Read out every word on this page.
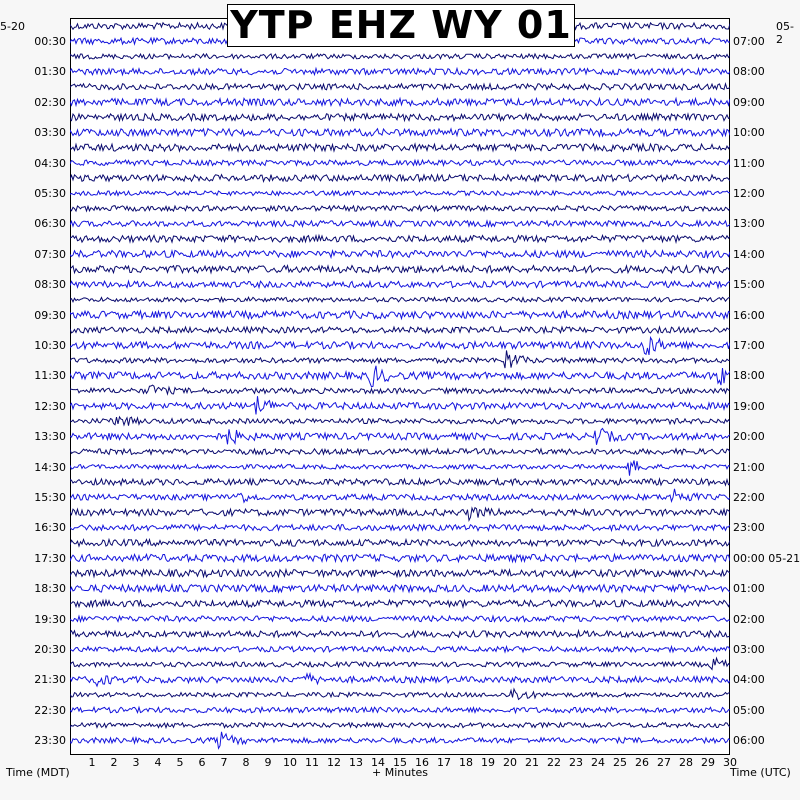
YTP EHZ WY 01
5-20	05-2
00:30
01:30
02:30
03:30
04:30
05:30
06:30
07:30
08:30
09:30
10:30
11:30
12:30
13:30
14:30
15:30
16:30
17:30
18:30
19:30
20:30
21:30
22:30
23:30
07:00
08:00
09:00
10:00
11:00
12:00
13:00
14:00
15:00
16:00
17:00
18:00
19:00
20:00
21:00
22:00
23:00
00:00 05-21
01:00
02:00
03:00
04:00
05:00
06:00
1	2	3	4	5	6	7	8	9	10 11 12 13 14 15 16 17 18 19 20 21 22 23 24 25 26 27 28 29 30
Time (MDT)	+ Minutes	Time (UTC)
